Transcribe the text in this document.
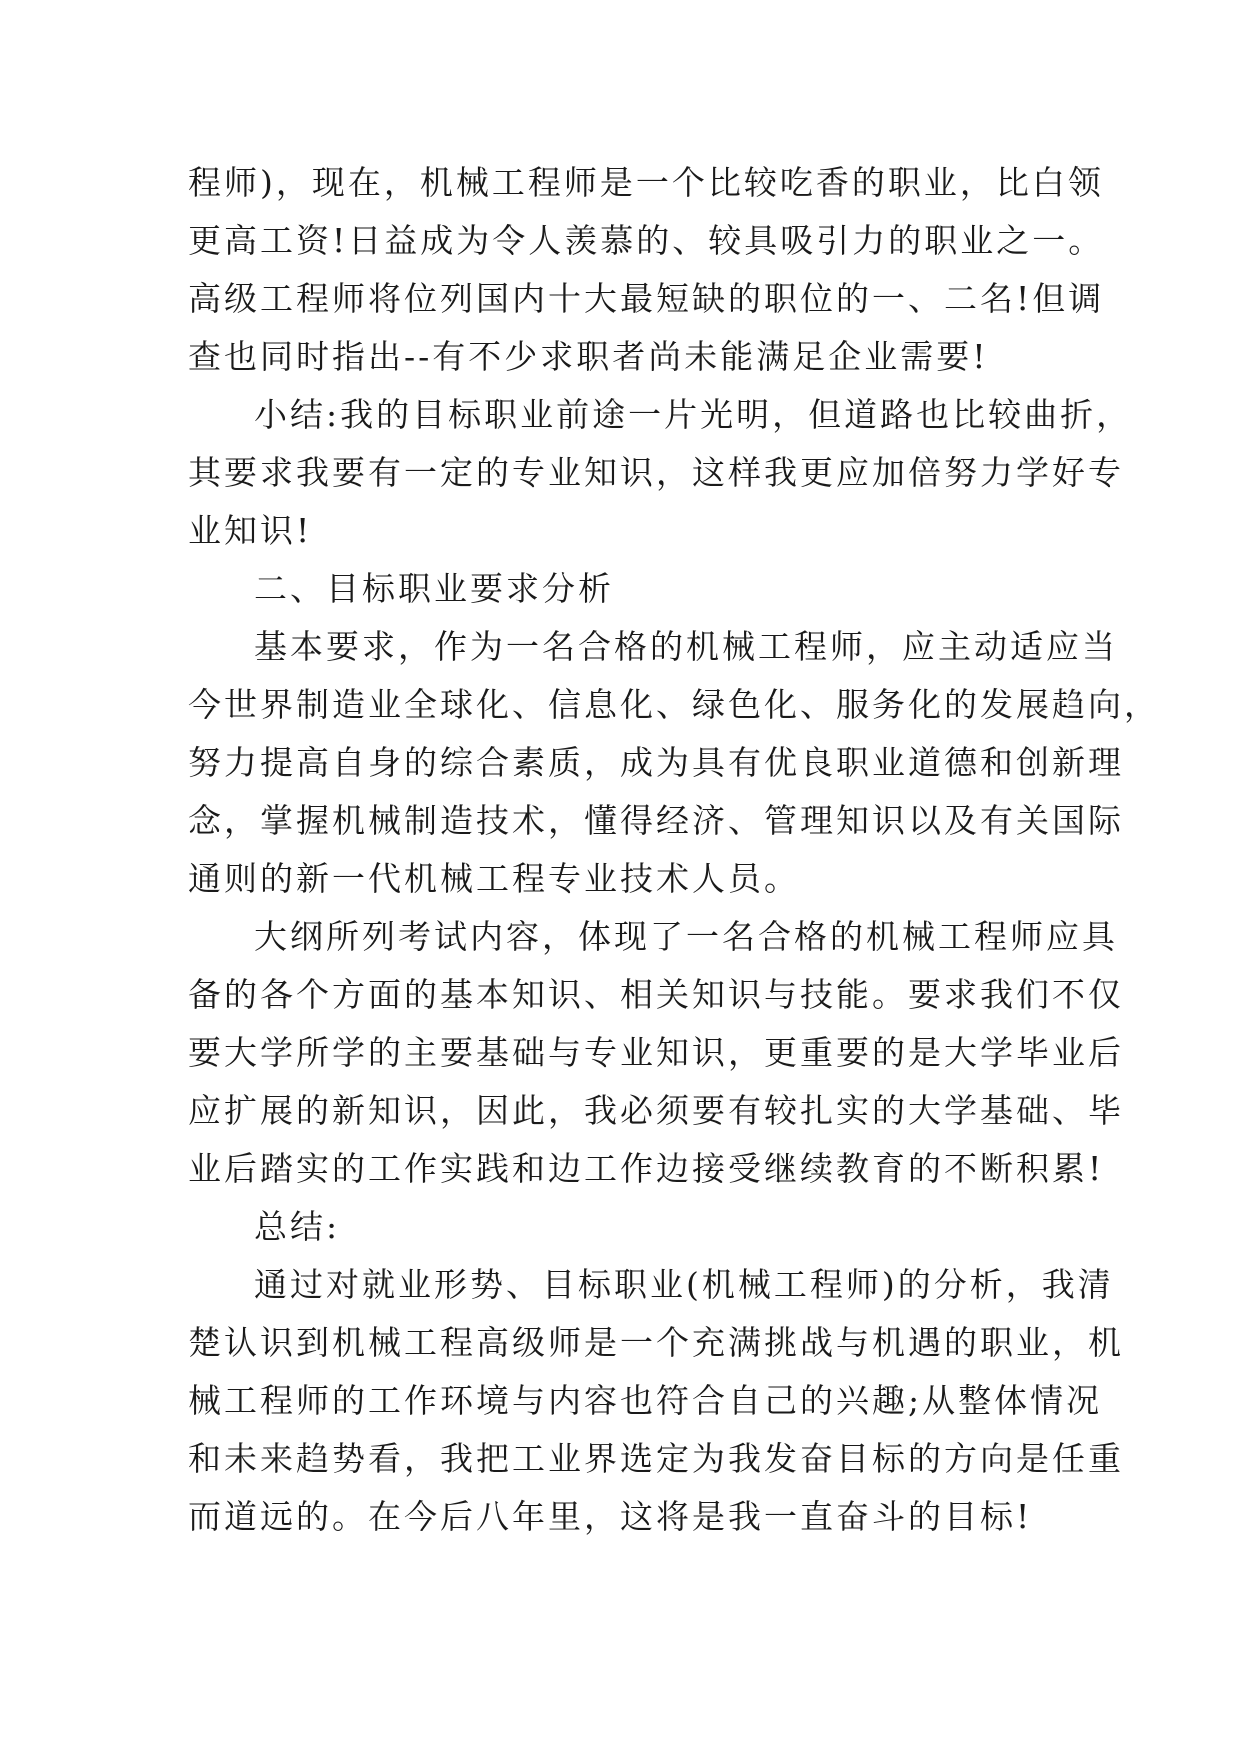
程师)，现在，机械工程师是一个比较吃香的职业，比白领
更高工资!日益成为令人羡慕的、较具吸引力的职业之一。
高级工程师将位列国内十大最短缺的职位的一、二名!但调
查也同时指出--有不少求职者尚未能满足企业需要!
小结:我的目标职业前途一片光明，但道路也比较曲折，
其要求我要有一定的专业知识，这样我更应加倍努力学好专
业知识!
二、目标职业要求分析
基本要求，作为一名合格的机械工程师，应主动适应当
今世界制造业全球化、信息化、绿色化、服务化的发展趋向，
努力提高自身的综合素质，成为具有优良职业道德和创新理
念，掌握机械制造技术，懂得经济、管理知识以及有关国际
通则的新一代机械工程专业技术人员。
大纲所列考试内容，体现了一名合格的机械工程师应具
备的各个方面的基本知识、相关知识与技能。要求我们不仅
要大学所学的主要基础与专业知识，更重要的是大学毕业后
应扩展的新知识，因此，我必须要有较扎实的大学基础、毕
业后踏实的工作实践和边工作边接受继续教育的不断积累!
总结:
通过对就业形势、目标职业(机械工程师)的分析，我清
楚认识到机械工程高级师是一个充满挑战与机遇的职业，机
械工程师的工作环境与内容也符合自己的兴趣;从整体情况
和未来趋势看，我把工业界选定为我发奋目标的方向是任重
而道远的。在今后八年里，这将是我一直奋斗的目标!
